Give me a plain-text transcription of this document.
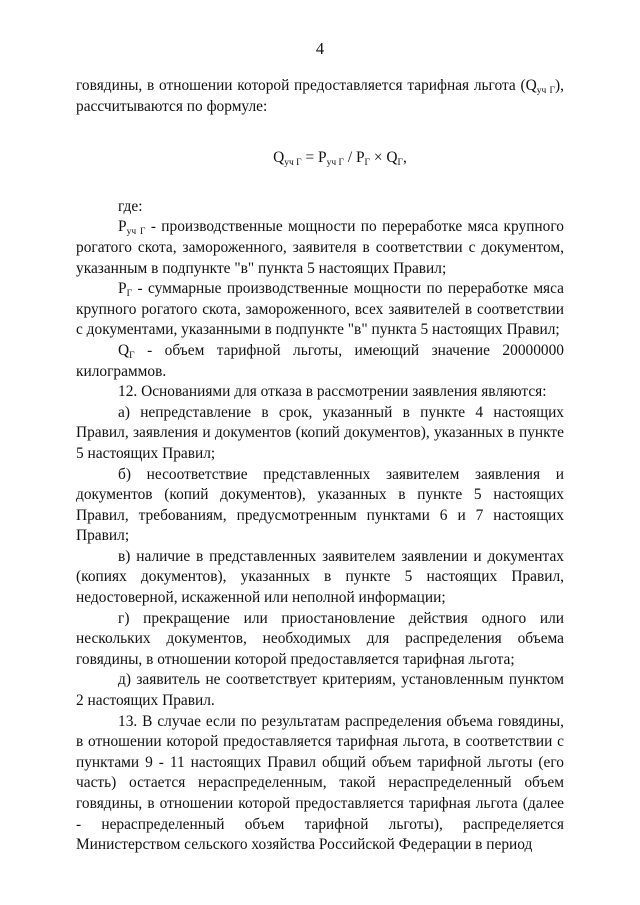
4

говядины, в отношении которой предоставляется тарифная льгота $(Q_{уч Г})$, рассчитываются по формуле:

$Q_{уч Г} = P_{уч Г} / P_Г \times Q_Г$,

где:

$P_{уч Г}$ - производственные мощности по переработке мяса крупного рогатого скота, замороженного, заявителя в соответствии с документом, указанным в подпункте "в" пункта 5 настоящих Правил;

$P_Г$ - суммарные производственные мощности по переработке мяса крупного рогатого скота, замороженного, всех заявителей в соответствии с документами, указанными в подпункте "в" пункта 5 настоящих Правил;

$Q_Г$ - объем тарифной льготы, имеющий значение 20000000 килограммов.

12. Основаниями для отказа в рассмотрении заявления являются:

а) непредставление в срок, указанный в пункте 4 настоящих Правил, заявления и документов (копий документов), указанных в пункте 5 настоящих Правил;

б) несоответствие представленных заявителем заявления и документов (копий документов), указанных в пункте 5 настоящих Правил, требованиям, предусмотренным пунктами 6 и 7 настоящих Правил;

в) наличие в представленных заявителем заявлении и документах (копиях документов), указанных в пункте 5 настоящих Правил, недостоверной, искаженной или неполной информации;

г) прекращение или приостановление действия одного или нескольких документов, необходимых для распределения объема говядины, в отношении которой предоставляется тарифная льгота;

д) заявитель не соответствует критериям, установленным пунктом 2 настоящих Правил.

13. В случае если по результатам распределения объема говядины, в отношении которой предоставляется тарифная льгота, в соответствии с пунктами 9 - 11 настоящих Правил общий объем тарифной льготы (его часть) остается нераспределенным, такой нераспределенный объем говядины, в отношении которой предоставляется тарифная льгота (далее - нераспределенный объем тарифной льготы), распределяется Министерством сельского хозяйства Российской Федерации в период
